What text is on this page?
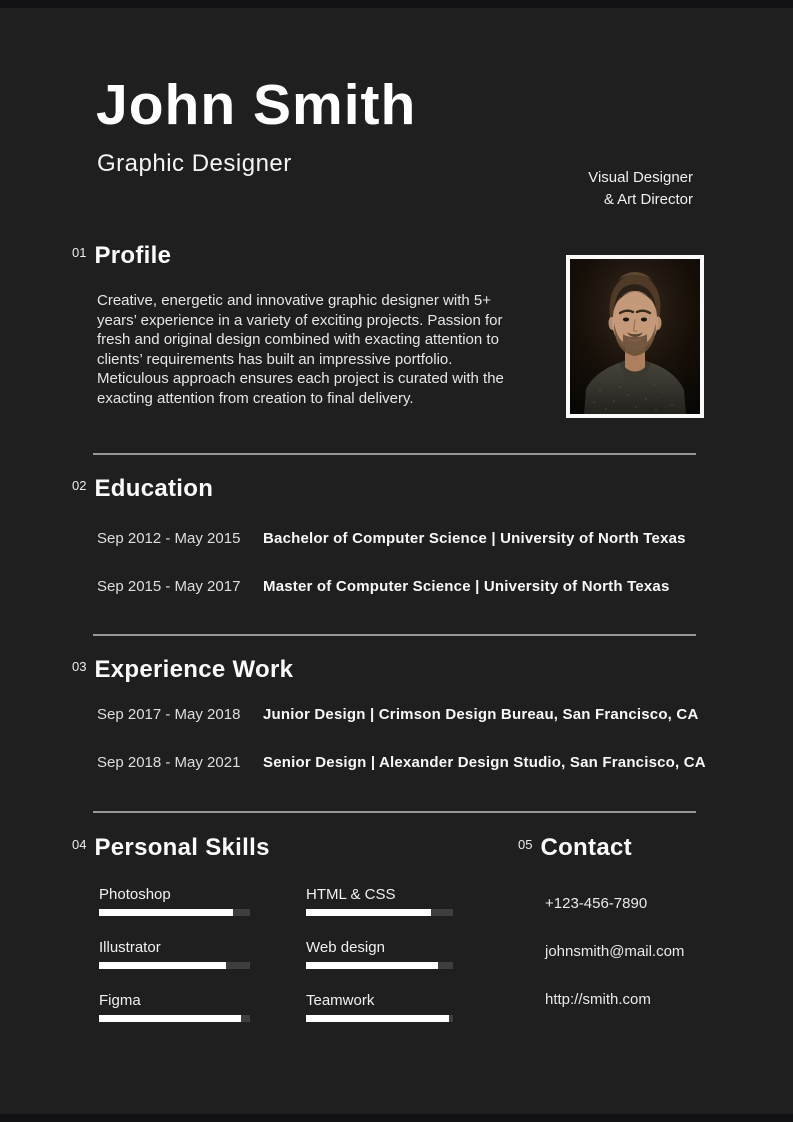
John Smith
Graphic Designer
Visual Designer
& Art Director
01 Profile
Creative, energetic and innovative graphic designer with 5+
years’ experience in a variety of exciting projects. Passion for
fresh and original design combined with exacting attention to
clients’ requirements has built an impressive portfolio.
Meticulous approach ensures each project is curated with the
exacting attention from creation to final delivery.
02 Education
Sep 2012 - May 2015	Bachelor of Computer Science | University of North Texas
Sep 2015 - May 2017	Master of Computer Science | University of North Texas
03 Experience Work
Sep 2017 - May 2018	Junior Design | Crimson Design Bureau, San Francisco, CA
Sep 2018 - May 2021	Senior Design | Alexander Design Studio, San Francisco, CA
04 Personal Skills
Photoshop
Illustrator
Figma
HTML & CSS
Web design
Teamwork
05 Contact
+123-456-7890
johnsmith@mail.com
http://smith.com
